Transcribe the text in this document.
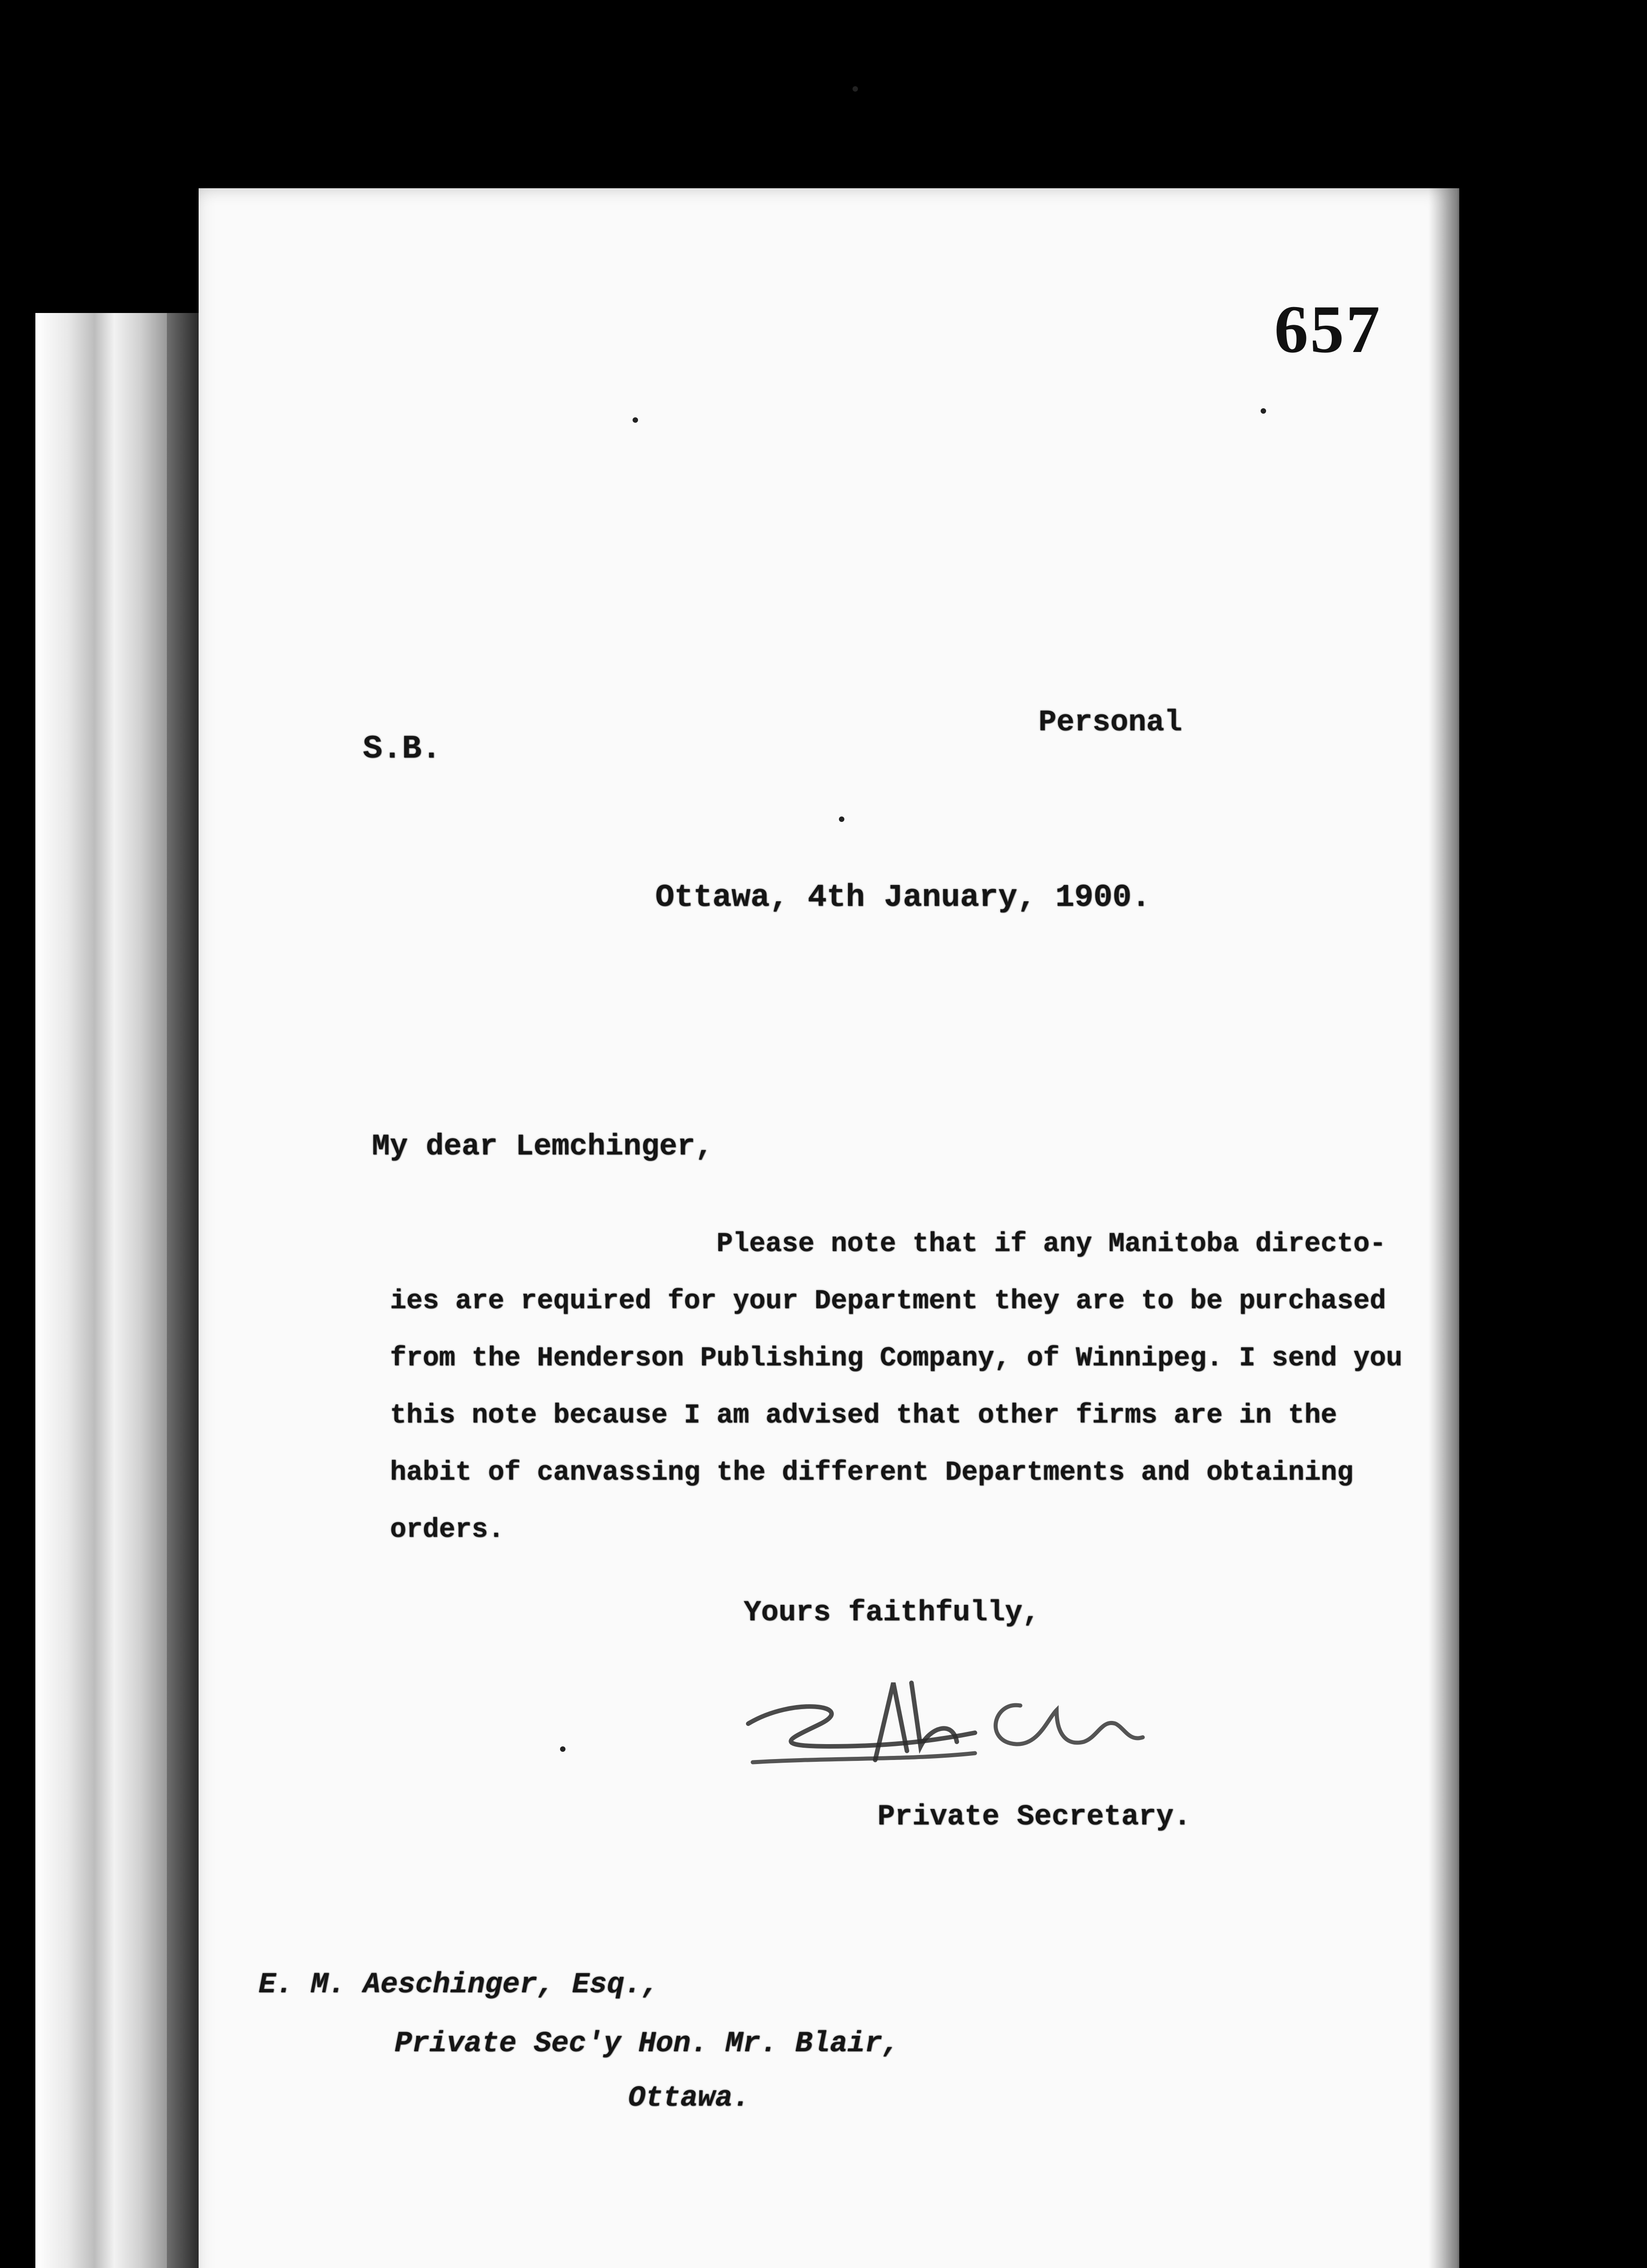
657

S.B.

Personal

Ottawa, 4th January, 1900.

My dear Lemchinger,

Please note that if any Manitoba directo-
ies are required for your Department they are to be purchased
from the Henderson Publishing Company, of Winnipeg. I send you
this note because I am advised that other firms are in the
habit of canvassing the different Departments and obtaining
orders.

Yours faithfully,

Private Secretary.

E. M. Aeschinger, Esq.,

Private Sec'y Hon. Mr. Blair,

Ottawa.
